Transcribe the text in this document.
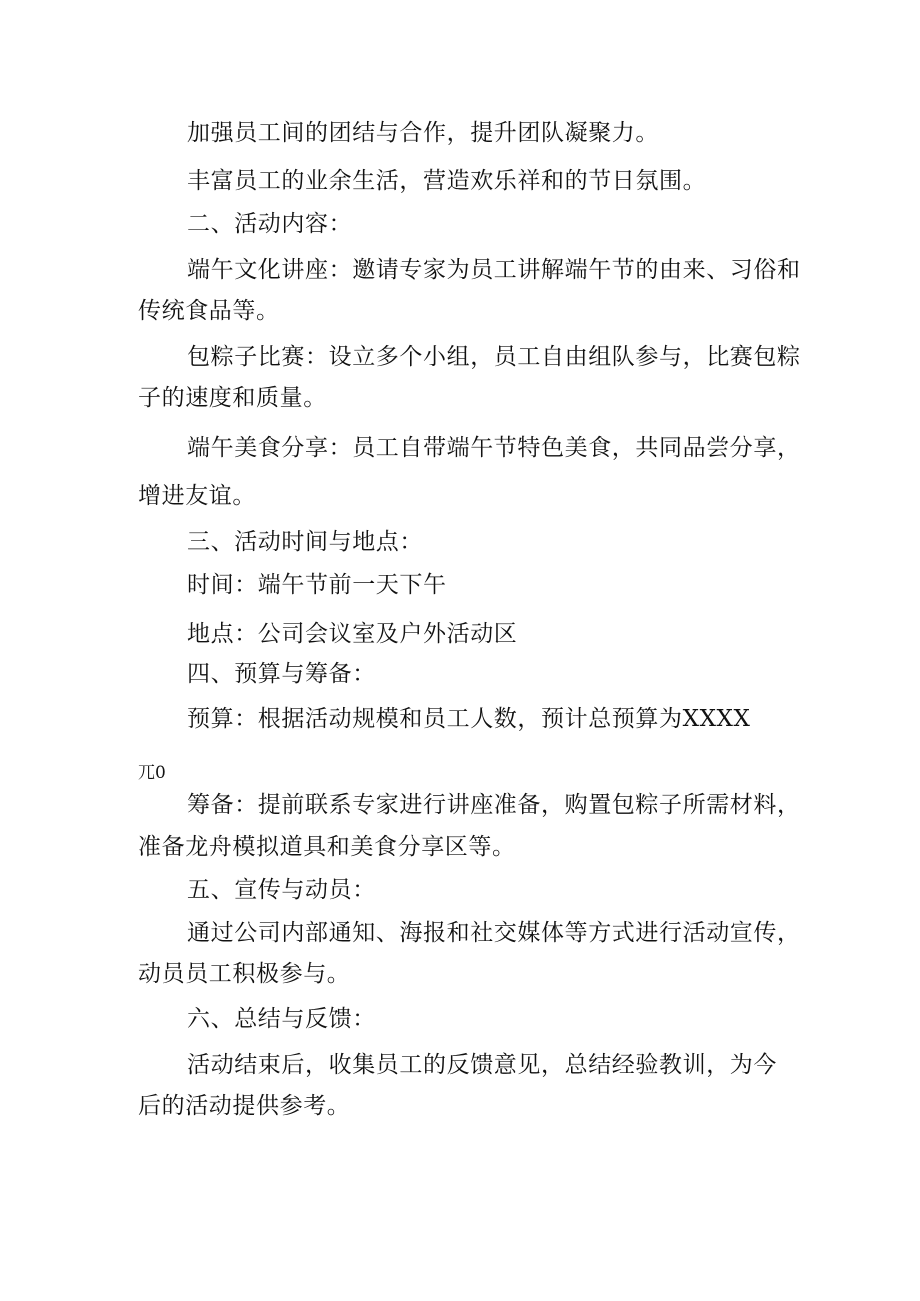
加强员工间的团结与合作，提升团队凝聚力。
丰富员工的业余生活，营造欢乐祥和的节日氛围。
二、活动内容：
端午文化讲座：邀请专家为员工讲解端午节的由来、习俗和
传统食品等。
包粽子比赛：设立多个小组，员工自由组队参与，比赛包粽
子的速度和质量。
端午美食分享：员工自带端午节特色美食，共同品尝分享，
增进友谊。
三、活动时间与地点：
时间：端午节前一天下午
地点：公司会议室及户外活动区
四、预算与筹备：
预算：根据活动规模和员工人数，预计总预算为XXXX
兀0
筹备：提前联系专家进行讲座准备，购置包粽子所需材料，
准备龙舟模拟道具和美食分享区等。
五、宣传与动员：
通过公司内部通知、海报和社交媒体等方式进行活动宣传，
动员员工积极参与。
六、总结与反馈：
活动结束后，收集员工的反馈意见，总结经验教训，为今
后的活动提供参考。
